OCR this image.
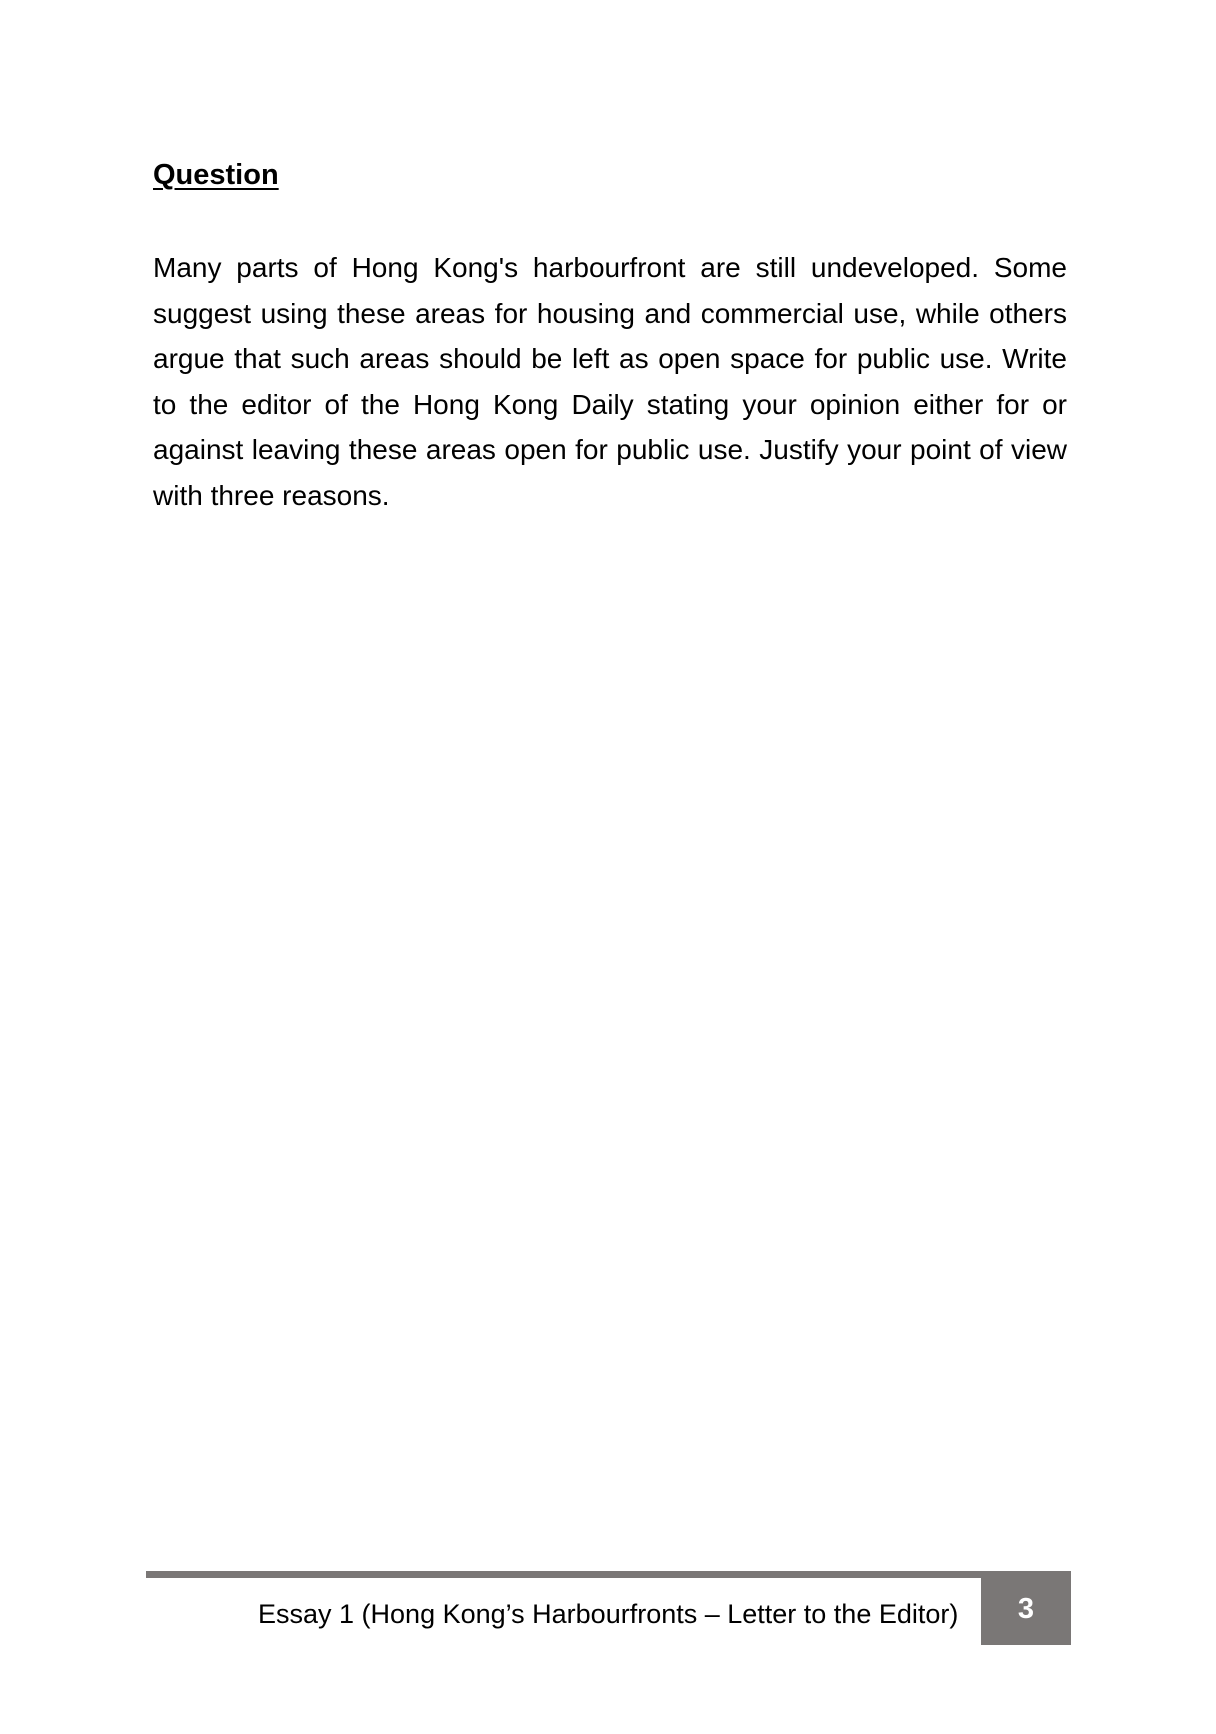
Question
Many parts of Hong Kong's harbourfront are still undeveloped. Some suggest using these areas for housing and commercial use, while others argue that such areas should be left as open space for public use. Write to the editor of the Hong Kong Daily stating your opinion either for or against leaving these areas open for public use. Justify your point of view with three reasons.
Essay 1 (Hong Kong’s Harbourfronts – Letter to the Editor) 3
